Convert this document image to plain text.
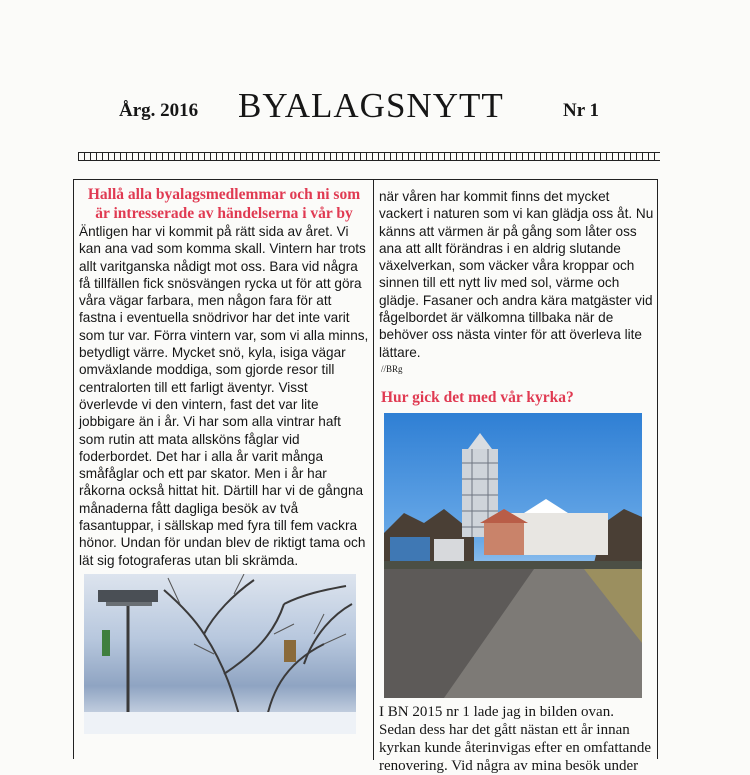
Årg. 2016 BYALAGSNYTT	Nr 1

Hallå alla byalagsmedlemmar och ni som är intresserade av händelserna i vår by

Äntligen har vi kommit på rätt sida av året. Vi kan ana vad som komma skall. Vintern har trots allt varitganska nådigt mot oss. Bara vid några få tillfällen fick snösvängen rycka ut för att göra våra vägar farbara, men någon fara för att fastna i eventuella snödrivor har det inte varit som tur var. Förra vintern var, som vi alla minns, betydligt värre. Mycket snö, kyla, isiga vägar omväxlande moddiga, som gjorde resor till centralorten till ett farligt äventyr. Visst överlevde vi den vintern, fast det var lite jobbigare än i år. Vi har som alla vintrar haft som rutin att mata allsköns fåglar vid foderbordet. Det har i alla år varit många småfåglar och ett par skator. Men i år har råkorna också hittat hit. Därtill har vi de gångna månaderna fått dagliga besök av två fasantuppar, i sällskap med fyra till fem vackra hönor. Undan för undan blev de riktigt tama och lät sig fotograferas utan bli skrämda.

när våren har kommit finns det mycket vackert i naturen som vi kan glädja oss åt. Nu känns att värmen är på gång som låter oss ana att allt förändras i en aldrig slutande växelverkan, som väcker våra kroppar och sinnen till ett nytt liv med sol, värme och glädje. Fasaner och andra kära matgäster vid fågelbordet är välkomna tillbaka när de behöver oss nästa vinter för att överleva lite lättare.

//BRg

Hur gick det med vår kyrka?

I BN 2015 nr 1 lade jag in bilden ovan. Sedan dess har det gått nästan ett år innan kyrkan kunde återinvigas efter en omfattande renovering. Vid några av mina besök under
